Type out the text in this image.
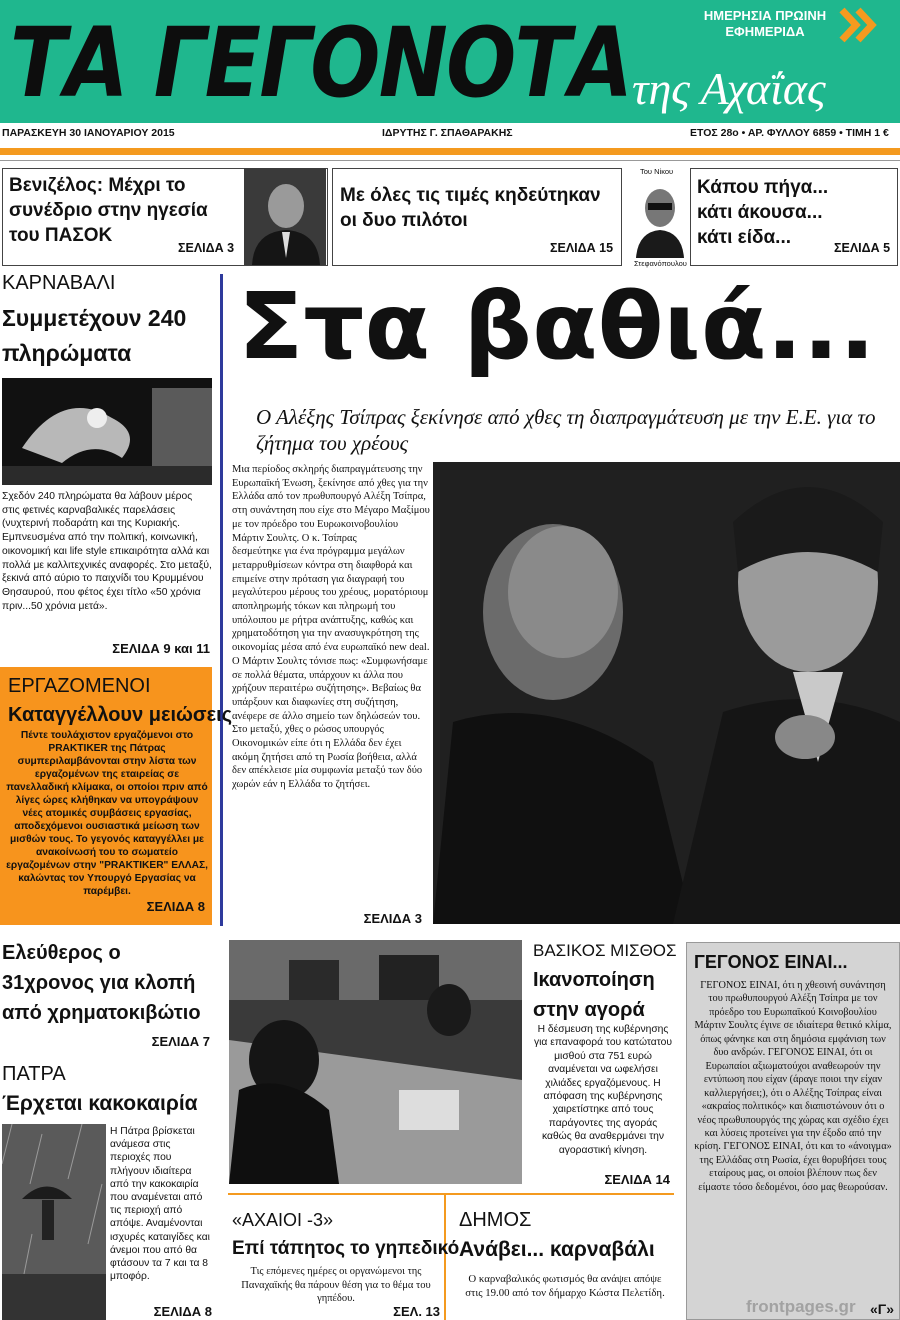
ΤΑ ΓΕΓΟΝΟΤΑ της Αχαΐας
ΗΜΕΡΗΣΙΑ ΠΡΩΙΝΗ
ΕΦΗΜΕΡΙΔΑ
ΠΑΡΑΣΚΕΥΗ 30 ΙΑΝΟΥΑΡΙΟΥ 2015	ΙΔΡΥΤΗΣ Γ. ΣΠΑΘΑΡΑΚΗΣ	ΕΤΟΣ 28ο • ΑΡ. ΦΥΛΛΟΥ 6859 • ΤΙΜΗ 1 €
Βενιζέλος: Μέχρι το συνέδριο στην ηγεσία του ΠΑΣΟΚ
ΣΕΛΙΔΑ 3
Με όλες τις τιμές κηδεύτηκαν οι δυο πιλότοι
ΣΕΛΙΔΑ 15
Του Νίκου
Στεφανόπουλου
Κάπου πήγα... κάτι άκουσα... κάτι είδα...	ΣΕΛΙΔΑ 5
Στα βαθιά...
Ο Αλέξης Τσίπρας ξεκίνησε από χθες τη διαπραγμάτευση με την Ε.Ε. για το ζήτημα του χρέους
Μια περίοδος σκληρής διαπραγμάτευσης την Ευρωπαϊκή Ένωση, ξεκίνησε από χθες για την Ελλάδα από τον πρωθυπουργό Αλέξη Τσίπρα, στη συνάντηση που είχε στο Μέγαρο Μαξίμου με τον πρόεδρο του Ευρωκοινοβουλίου Μάρτιν Σουλτς. Ο κ. Τσίπρας
δεσμεύτηκε για ένα πρόγραμμα μεγάλων μεταρρυθμίσεων κόντρα στη διαφθορά και επιμείνε στην πρόταση για διαγραφή του μεγαλύτερου μέρους του χρέους, μορατόριουμ αποπληρωμής τόκων και πληρωμή του υπόλοιπου με ρήτρα ανάπτυξης, καθώς και χρηματοδότηση για την ανασυγκρότηση της οικονομίας μέσα από ένα ευρωπαϊκό new deal.
Ο Μάρτιν Σουλτς τόνισε πως: «Συμφωνήσαμε σε πολλά θέματα, υπάρχουν κι άλλα που χρήζουν περαιτέρω συζήτησης». Βεβαίως θα υπάρξουν και διαφωνίες στη συζήτηση, ανέφερε σε άλλο σημείο των δηλώσεών του.
Στο μεταξύ, χθες ο ρώσος υπουργός Οικονομικών είπε ότι η Ελλάδα δεν έχει ακόμη ζητήσει από τη Ρωσία βοήθεια, αλλά δεν απέκλεισε μία συμφωνία μεταξύ των δύο χωρών εάν η Ελλάδα το ζητήσει.
ΣΕΛΙΔΑ 3
ΚΑΡΝΑΒΑΛΙ
Συμμετέχουν 240 πληρώματα
Σχεδόν 240 πληρώματα θα λάβουν μέρος στις φετινές καρναβαλικές παρελάσεις (νυχτερινή ποδαράτη και της Κυριακής. Εμπνευσμένα από την πολιτική, κοινωνική, οικονομική και life style επικαιρότητα αλλά και πολλά με καλλιτεχνικές αναφορές. Στο μεταξύ, ξεκινά από αύριο το παιχνίδι του Κρυμμένου Θησαυρού, που φέτος έχει τίτλο «50 χρόνια πριν...50 χρόνια μετά».
ΣΕΛΙΔΑ 9 και 11
ΕΡΓΑΖΟΜΕΝΟΙ
Καταγγέλλουν μειώσεις
Πέντε τουλάχιστον εργαζόμενοι στο PRAKTIKER της Πάτρας συμπεριλαμβάνονται στην λίστα των εργαζομένων της εταιρείας σε πανελλαδική κλίμακα, οι οποίοι πριν από λίγες ώρες κλήθηκαν να υπογράψουν νέες ατομικές συμβάσεις εργασίας, αποδεχόμενοι ουσιαστικά μείωση των μισθών τους. Το γεγονός καταγγέλλει με ανακοίνωσή του το σωματείο εργαζομένων στην "PRAKTIKER" ΕΛΛΑΣ, καλώντας τον Υπουργό Εργασίας να παρέμβει.
ΣΕΛΙΔΑ 8
Ελεύθερος ο 31χρονος για κλοπή από χρηματοκιβώτιο
ΣΕΛΙΔΑ 7
ΠΑΤΡΑ
Έρχεται κακοκαιρία
Η Πάτρα βρίσκεται ανάμεσα στις περιοχές που πλήγουν ιδιαίτερα από την κακοκαιρία που αναμένεται από τις περιοχή από απόψε. Αναμένονται ισχυρές καταιγίδες και άνεμοι που από θα φτάσουν τα 7 και τα 8 μποφόρ.
ΣΕΛΙΔΑ 8
ΒΑΣΙΚΟΣ ΜΙΣΘΟΣ
Ικανοποίηση στην αγορά
Η δέσμευση της κυβέρνησης για επαναφορά του κατώτατου μισθού στα 751 ευρώ αναμένεται να ωφελήσει χιλιάδες εργαζόμενους. Η απόφαση της κυβέρνησης χαιρετίστηκε από τους παράγοντες της αγοράς καθώς θα αναθερμάνει την αγοραστική κίνηση.
ΣΕΛΙΔΑ 14
«ΑΧΑΙΟΙ -3»
Επί τάπητος το γηπεδικό
Τις επόμενες ημέρες οι οργανώμενοι της Παναχαϊκής θα πάρουν θέση για το θέμα του γηπέδου.
ΣΕΛ. 13
ΔΗΜΟΣ
Ανάβει... καρναβάλι
Ο καρναβαλικός φωτισμός θα ανάψει απόψε στις 19.00 από τον δήμαρχο Κώστα Πελετίδη.
ΓΕΓΟΝΟΣ ΕΙΝΑΙ...
ΓΕΓΟΝΟΣ ΕΙΝΑΙ, ότι η χθεσινή συνάντηση του πρωθυπουργού Αλέξη Τσίπρα με τον πρόεδρο του Ευρωπαϊκού Κοινοβουλίου Μάρτιν Σουλτς έγινε σε ιδιαίτερα θετικό κλίμα, όπως φάνηκε και στη δημόσια εμφάνιση των δυο ανδρών. ΓΕΓΟΝΟΣ ΕΙΝΑΙ, ότι οι Ευρωπαίοι αξιωματούχοι αναθεωρούν την εντύπωση που είχαν (άραγε ποιοι την είχαν καλλιεργήσει;), ότι ο Αλέξης Τσίπρας είναι «ακραίος πολιτικός» και διαπιστώνουν ότι ο νέος πρωθυπουργός της χώρας και σχέδιο έχει και λύσεις προτείνει για την έξοδο από την κρίση. ΓΕΓΟΝΟΣ ΕΙΝΑΙ, ότι και το «άνοιγμα» της Ελλάδας στη Ρωσία, έχει θορυβήσει τους εταίρους μας, οι οποίοι βλέπουν πως δεν είμαστε τόσο δεδομένοι, όσο μας θεωρούσαν.
«Γ»
frontpages.gr
